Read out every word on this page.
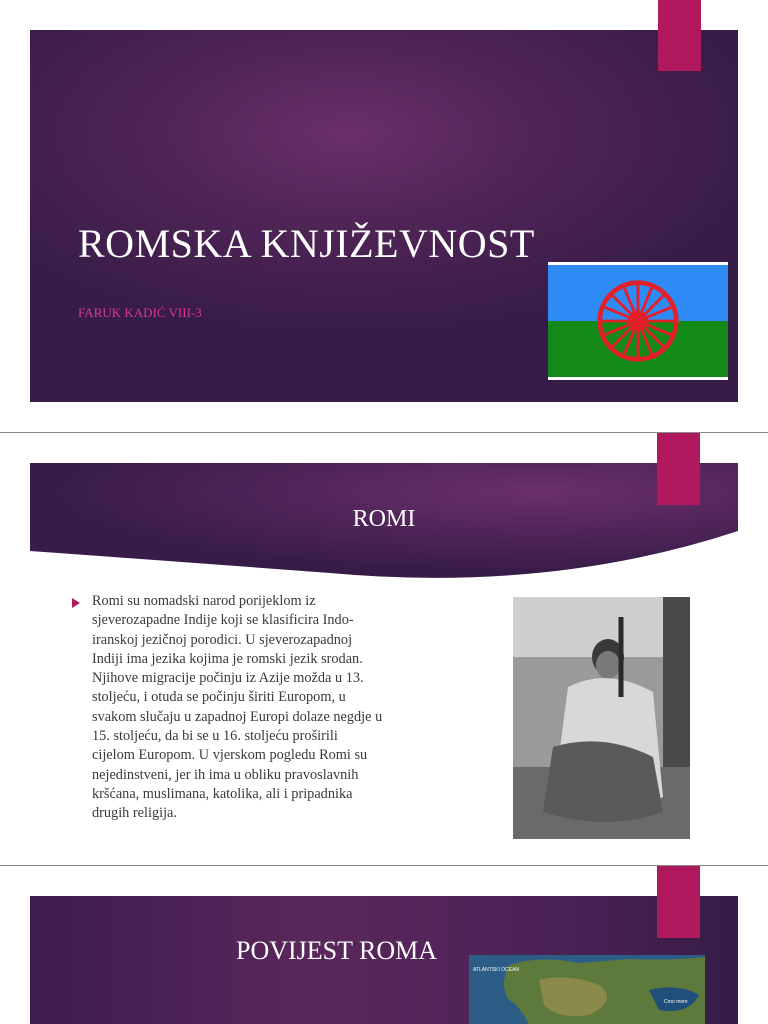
ROMSKA KNJIŽEVNOST
FARUK KADIĆ VIII-3
ROMI
Romi su nomadski narod porijeklom iz sjeverozapadne Indije koji se klasificira Indo-iranskoj jezičnoj porodici. U sjeverozapadnoj Indiji ima jezika kojima je romski jezik srodan. Njihove migracije počinju iz Azije možda u 13. stoljeću, i otuda se počinju širiti Europom, u svakom slučaju u zapadnoj Europi dolaze negdje u 15. stoljeću, da bi se u 16. stoljeću proširili cijelom Europom. U vjerskom pogledu Romi su nejedinstveni, jer ih ima u obliku pravoslavnih kršćana, muslimana, katolika, ali i pripadnika drugih religija.
POVIJEST ROMA
ATLANTSKI OCEAN
Crno more
